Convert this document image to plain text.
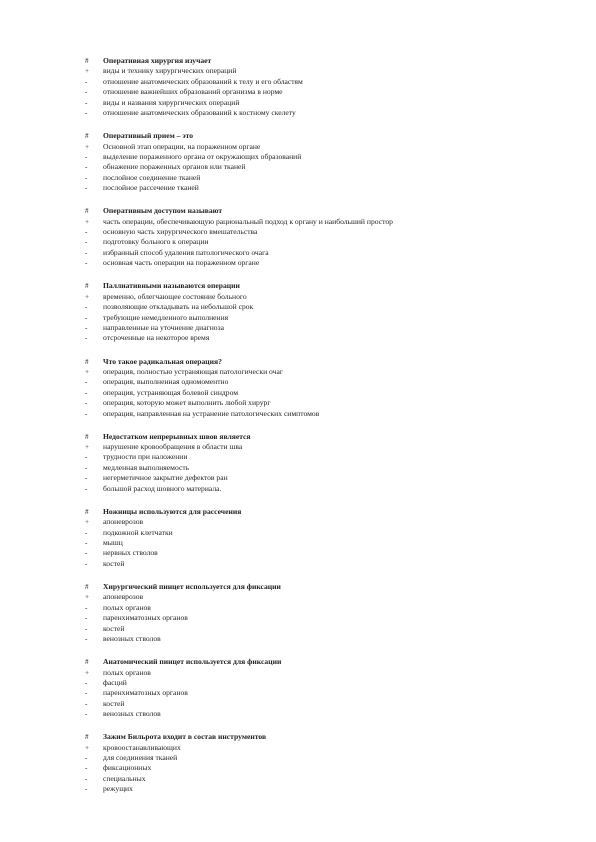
#	Оперативная хирургия изучает
+	виды и технику хирургических операций
-	отношение анатомических образований к телу и его областям
-	отношение важнейших образований организма в норме
-	виды и названия хирургических операций
-	отношение анатомических образований к костному скелету
#	Оперативный прием – это
+	Основной этап операции, на пораженном органе
-	выделение пораженного органа от окружающих образований
-	обнажение пораженных органов или тканей
-	послойное соединение тканей
-	послойное рассечение тканей
#	Оперативным доступом называют
+	часть операции, обеспечивающую рациональный подход к органу и наибольший простор
-	основную часть хирургического вмешательства
-	подготовку больного к операции
-	избранный способ удаления патологического очага
-	основная часть операции на пораженном органе
#	Паллиативными называются операции
+	временно, облегчающее состояние больного
-	позволяющие откладывать на небольшой срок
-	требующие немедленного выполнения
-	направленные на уточнение диагноза
-	отсроченные на некоторое время
#	Что такое радикальная операция?
+	операция, полностью устраняющая патологически очаг
-	операция, выполненная одномоментно
-	операция, устраняющая болевой синдром
-	операция, которую может выполнить любой хирург
-	операция, направленная на устранение патологических симптомов
#	Недостатком непрерывных швов является
+	нарушение кровообращения в области шва
-	трудности при наложении
-	медленная выполняемость
-	негерметичное закрытие дефектов ран
-	большой расход шовного материала.
#	Ножницы используются для рассечения
+	апоневрозов
-	подкожной клетчатки
-	мышц
-	нервных стволов
-	костей
#	Хирургический пинцет используется для фиксации
+	апоневрозов
-	полых органов
-	паренхиматозных органов
-	костей
-	венозных стволов
#	Анатомический пинцет используется для фиксации
+	полых органов
-	фасций
-	паренхиматозных органов
-	костей
-	венозных стволов
#	Зажим Бильрота входит в состав инструментов
+	кровоостанавливающих
-	для соединения тканей
-	фиксационных
-	специальных
-	режущих
